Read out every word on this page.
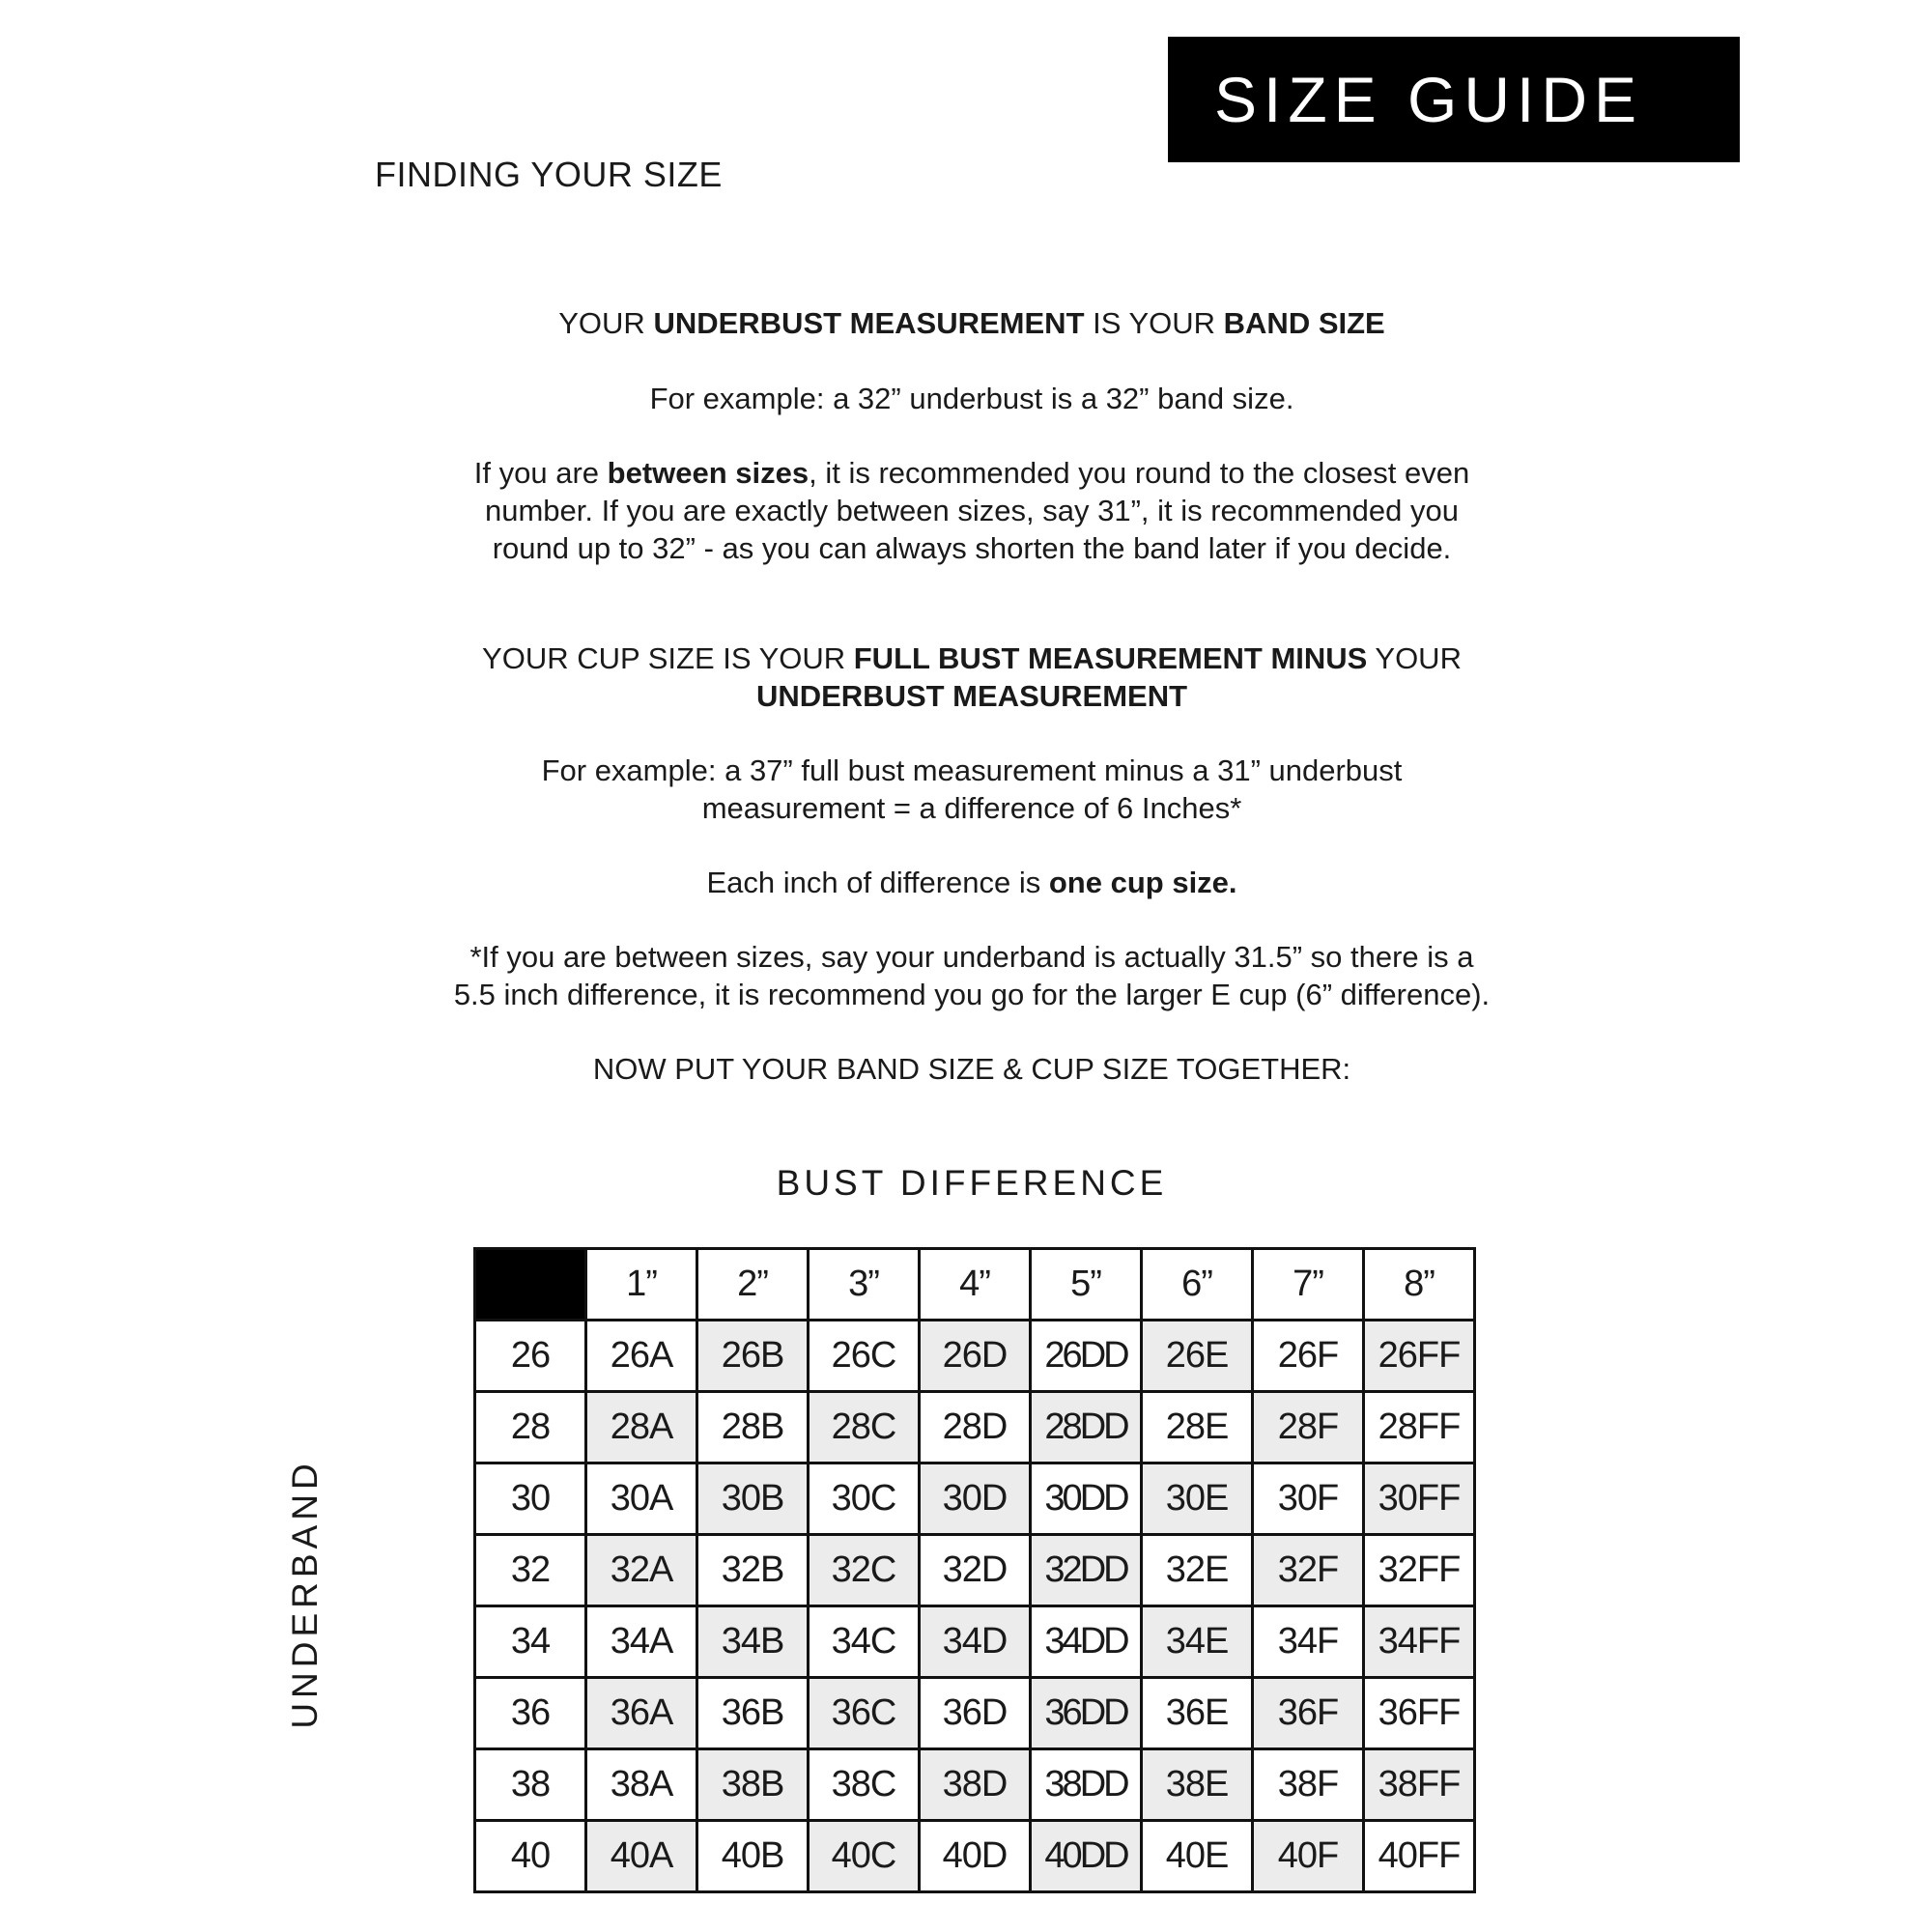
SIZE GUIDE
FINDING YOUR SIZE

YOUR UNDERBUST MEASUREMENT IS YOUR BAND SIZE

For example: a 32” underbust is a 32” band size.

If you are between sizes, it is recommended you round to the closest even
number. If you are exactly between sizes, say 31”, it is recommended you
round up to 32” - as you can always shorten the band later if you decide.

YOUR CUP SIZE IS YOUR FULL BUST MEASUREMENT MINUS YOUR
UNDERBUST MEASUREMENT

For example: a 37” full bust measurement minus a 31” underbust
measurement = a difference of 6 Inches*

Each inch of difference is one cup size.

*If you are between sizes, say your underband is actually 31.5” so there is a
5.5 inch difference, it is recommend you go for the larger E cup (6” difference).

NOW PUT YOUR BAND SIZE & CUP SIZE TOGETHER:

BUST DIFFERENCE
UNDERBAND
	1”	2”	3”	4”	5”	6”	7”	8”
26	26A	26B	26C	26D	26DD	26E	26F	26FF
28	28A	28B	28C	28D	28DD	28E	28F	28FF
30	30A	30B	30C	30D	30DD	30E	30F	30FF
32	32A	32B	32C	32D	32DD	32E	32F	32FF
34	34A	34B	34C	34D	34DD	34E	34F	34FF
36	36A	36B	36C	36D	36DD	36E	36F	36FF
38	38A	38B	38C	38D	38DD	38E	38F	38FF
40	40A	40B	40C	40D	40DD	40E	40F	40FF
